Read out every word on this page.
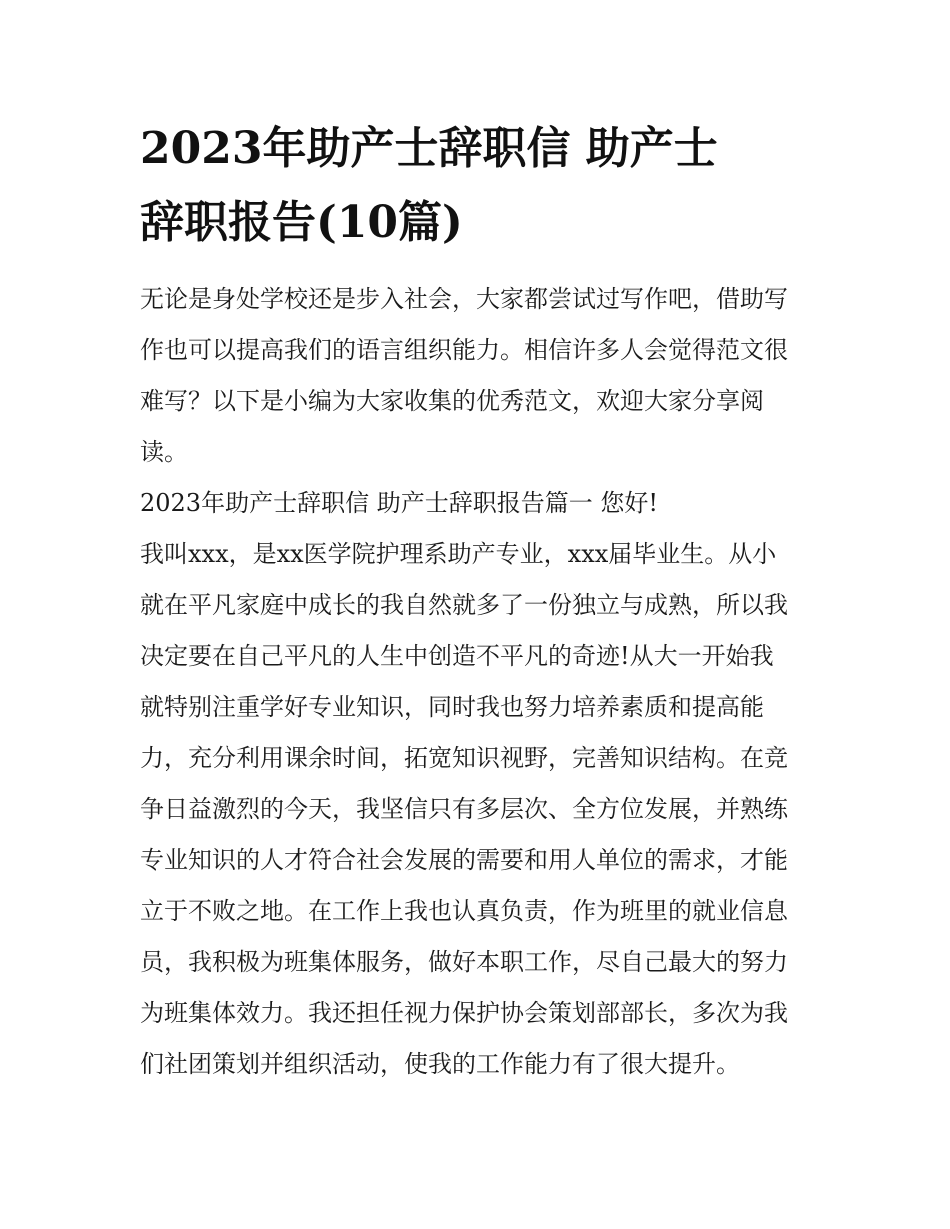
2023年助产士辞职信 助产士
辞职报告(10篇)

无论是身处学校还是步入社会，大家都尝试过写作吧，借助写
作也可以提高我们的语言组织能力。相信许多人会觉得范文很
难写？以下是小编为大家收集的优秀范文，欢迎大家分享阅
读。

2023年助产士辞职信 助产士辞职报告篇一 您好!
我叫xxx，是xx医学院护理系助产专业，xxx届毕业生。从小
就在平凡家庭中成长的我自然就多了一份独立与成熟，所以我
决定要在自己平凡的人生中创造不平凡的奇迹!从大一开始我
就特别注重学好专业知识，同时我也努力培养素质和提高能
力，充分利用课余时间，拓宽知识视野，完善知识结构。在竞
争日益激烈的今天，我坚信只有多层次、全方位发展，并熟练
专业知识的人才符合社会发展的需要和用人单位的需求，才能
立于不败之地。在工作上我也认真负责，作为班里的就业信息
员，我积极为班集体服务，做好本职工作，尽自己最大的努力
为班集体效力。我还担任视力保护协会策划部部长，多次为我
们社团策划并组织活动，使我的工作能力有了很大提升。
